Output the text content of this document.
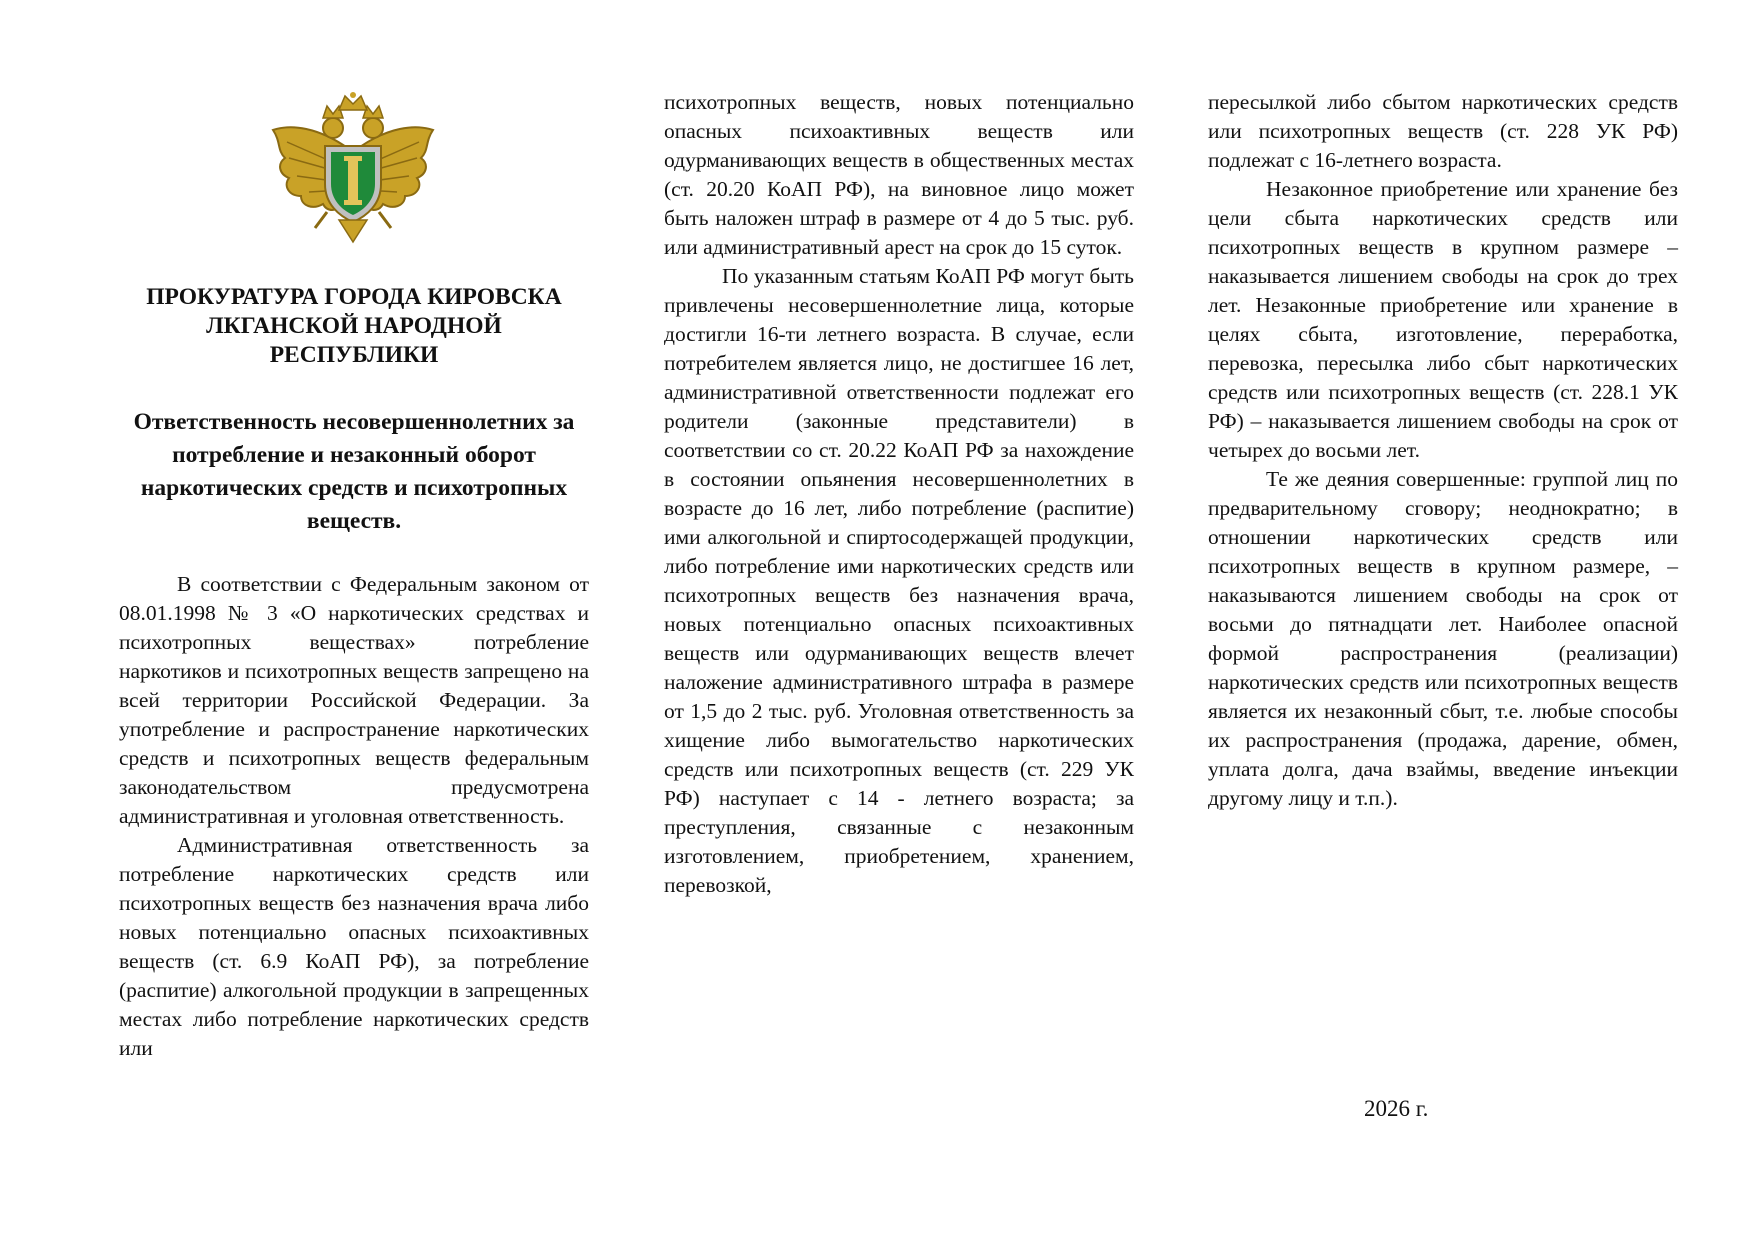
ПРОКУРАТУРА ГОРОДА КИРОВСКА ЛКГАНСКОЙ НАРОДНОЙ РЕСПУБЛИКИ
Ответственность несовершеннолетних за потребление и незаконный оборот наркотических средств и психотропных веществ.

В соответствии с Федеральным законом от 08.01.1998 № 3 «О наркотических средствах и психотропных веществах» потребление наркотиков и психотропных веществ запрещено на всей территории Российской Федерации. За употребление и распространение наркотических средств и психотропных веществ федеральным законодательством предусмотрена административная и уголовная ответственность.

Административная ответственность за потребление наркотических средств или психотропных веществ без назначения врача либо новых потенциально опасных психоактивных веществ (ст. 6.9 КоАП РФ), за потребление (распитие) алкогольной продукции в запрещенных местах либо потребление наркотических средств или

психотропных веществ, новых потенциально опасных психоактивных веществ или одурманивающих веществ в общественных местах (ст. 20.20 КоАП РФ), на виновное лицо может быть наложен штраф в размере от 4 до 5 тыс. руб. или административный арест на срок до 15 суток.

По указанным статьям КоАП РФ могут быть привлечены несовершеннолетние лица, которые достигли 16-ти летнего возраста. В случае, если потребителем является лицо, не достигшее 16 лет, административной ответственности подлежат его родители (законные представители) в соответствии со ст. 20.22 КоАП РФ за нахождение в состоянии опьянения несовершеннолетних в возрасте до 16 лет, либо потребление (распитие) ими алкогольной и спиртосодержащей продукции, либо потребление ими наркотических средств или психотропных веществ без назначения врача, новых потенциально опасных психоактивных веществ или одурманивающих веществ влечет наложение административного штрафа в размере от 1,5 до 2 тыс. руб. Уголовная ответственность за хищение либо вымогательство наркотических средств или психотропных веществ (ст. 229 УК РФ) наступает с 14 - летнего возраста; за преступления, связанные с незаконным изготовлением, приобретением, хранением, перевозкой,

пересылкой либо сбытом наркотических средств или психотропных веществ (ст. 228 УК РФ) подлежат с 16-летнего возраста.

Незаконное приобретение или хранение без цели сбыта наркотических средств или психотропных веществ в крупном размере – наказывается лишением свободы на срок до трех лет. Незаконные приобретение или хранение в целях сбыта, изготовление, переработка, перевозка, пересылка либо сбыт наркотических средств или психотропных веществ (ст. 228.1 УК РФ) – наказывается лишением свободы на срок от четырех до восьми лет.

Те же деяния совершенные: группой лиц по предварительному сговору; неоднократно; в отношении наркотических средств или психотропных веществ в крупном размере, – наказываются лишением свободы на срок от восьми до пятнадцати лет. Наиболее опасной формой распространения (реализации) наркотических средств или психотропных веществ является их незаконный сбыт, т.е. любые способы их распространения (продажа, дарение, обмен, уплата долга, дача взаймы, введение инъекции другому лицу и т.п.).

2026 г.
